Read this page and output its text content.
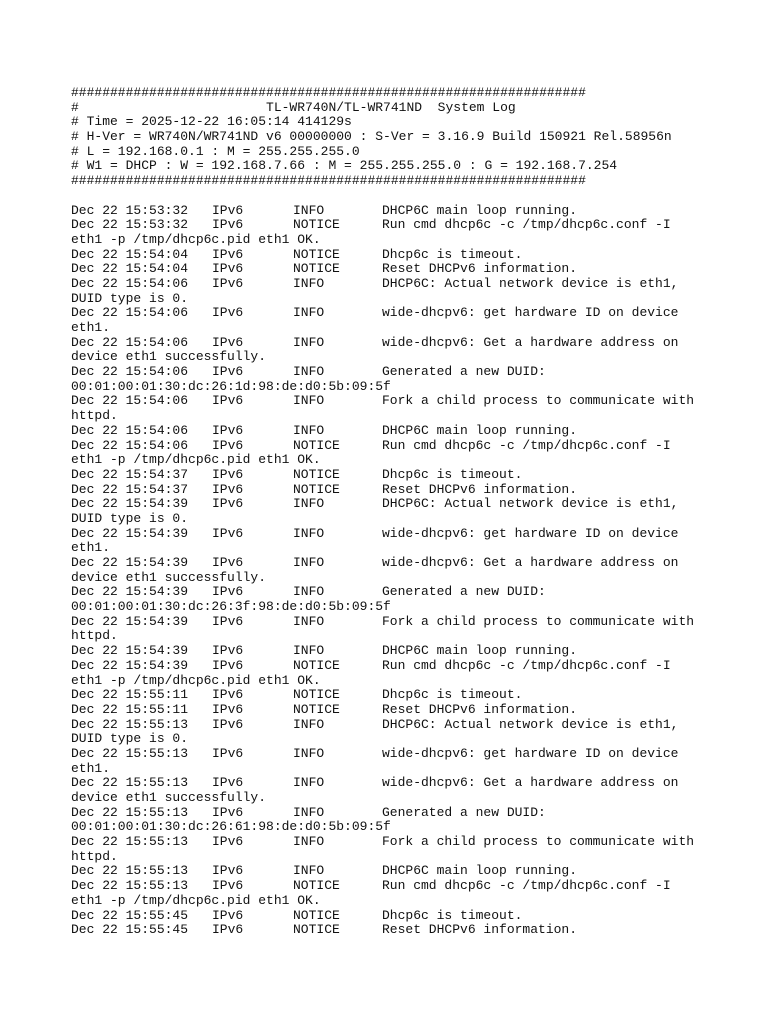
##################################################################
#                        TL-WR740N/TL-WR741ND  System Log
# Time = 2025-12-22 16:05:14 414129s
# H-Ver = WR740N/WR741ND v6 00000000 : S-Ver = 3.16.9 Build 150921 Rel.58956n
# L = 192.168.0.1 : M = 255.255.255.0
# W1 = DHCP : W = 192.168.7.66 : M = 255.255.255.0 : G = 192.168.7.254
##################################################################
Dec 22 15:53:32 IPv6	INFO	DHCP6C main loop running.
Dec 22 15:53:32 IPv6	NOTICE	Run cmd dhcp6c -c /tmp/dhcp6c.conf -I
eth1 -p /tmp/dhcp6c.pid eth1 OK.
Dec 22 15:54:04 IPv6	NOTICE	Dhcp6c is timeout.
Dec 22 15:54:04 IPv6	NOTICE	Reset DHCPv6 information.
Dec 22 15:54:06 IPv6	INFO	DHCP6C: Actual network device is eth1,
DUID type is 0.
Dec 22 15:54:06 IPv6	INFO	wide-dhcpv6: get hardware ID on device
eth1.
Dec 22 15:54:06 IPv6	INFO	wide-dhcpv6: Get a hardware address on
device eth1 successfully.
Dec 22 15:54:06 IPv6	INFO	Generated a new DUID:
00:01:00:01:30:dc:26:1d:98:de:d0:5b:09:5f
Dec 22 15:54:06 IPv6	INFO	Fork a child process to communicate with
httpd.
Dec 22 15:54:06 IPv6	INFO	DHCP6C main loop running.
Dec 22 15:54:06 IPv6	NOTICE	Run cmd dhcp6c -c /tmp/dhcp6c.conf -I
eth1 -p /tmp/dhcp6c.pid eth1 OK.
Dec 22 15:54:37 IPv6	NOTICE	Dhcp6c is timeout.
Dec 22 15:54:37 IPv6	NOTICE	Reset DHCPv6 information.
Dec 22 15:54:39 IPv6	INFO	DHCP6C: Actual network device is eth1,
DUID type is 0.
Dec 22 15:54:39 IPv6	INFO	wide-dhcpv6: get hardware ID on device
eth1.
Dec 22 15:54:39 IPv6	INFO	wide-dhcpv6: Get a hardware address on
device eth1 successfully.
Dec 22 15:54:39 IPv6	INFO	Generated a new DUID:
00:01:00:01:30:dc:26:3f:98:de:d0:5b:09:5f
Dec 22 15:54:39 IPv6	INFO	Fork a child process to communicate with
httpd.
Dec 22 15:54:39 IPv6	INFO	DHCP6C main loop running.
Dec 22 15:54:39 IPv6	NOTICE	Run cmd dhcp6c -c /tmp/dhcp6c.conf -I
eth1 -p /tmp/dhcp6c.pid eth1 OK.
Dec 22 15:55:11 IPv6	NOTICE	Dhcp6c is timeout.
Dec 22 15:55:11 IPv6	NOTICE	Reset DHCPv6 information.
Dec 22 15:55:13 IPv6	INFO	DHCP6C: Actual network device is eth1,
DUID type is 0.
Dec 22 15:55:13 IPv6	INFO	wide-dhcpv6: get hardware ID on device
eth1.
Dec 22 15:55:13 IPv6	INFO	wide-dhcpv6: Get a hardware address on
device eth1 successfully.
Dec 22 15:55:13 IPv6	INFO	Generated a new DUID:
00:01:00:01:30:dc:26:61:98:de:d0:5b:09:5f
Dec 22 15:55:13 IPv6	INFO	Fork a child process to communicate with
httpd.
Dec 22 15:55:13 IPv6	INFO	DHCP6C main loop running.
Dec 22 15:55:13 IPv6	NOTICE	Run cmd dhcp6c -c /tmp/dhcp6c.conf -I
eth1 -p /tmp/dhcp6c.pid eth1 OK.
Dec 22 15:55:45 IPv6	NOTICE	Dhcp6c is timeout.
Dec 22 15:55:45 IPv6	NOTICE	Reset DHCPv6 information.
